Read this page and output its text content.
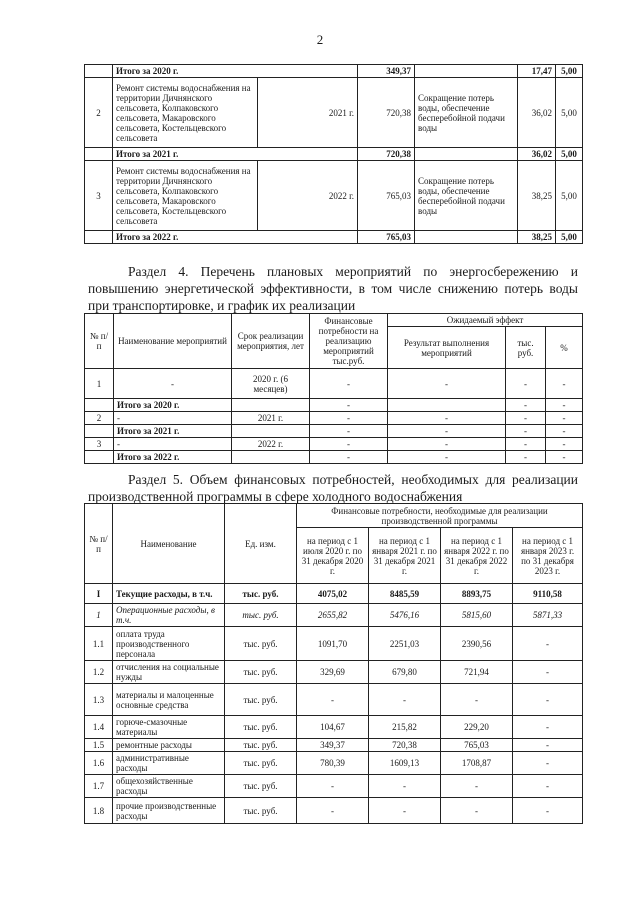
2
	Итого за 2020 г.		349,37		17,47	5,00
2	Ремонт системы водоснабжения на территории Дичнянского сельсовета, Колпаковского сельсовета, Макаровского сельсовета, Костельцевского сельсовета	2021 г.	720,38	Сокращение потерь воды, обеспечение бесперебойной подачи воды	36,02	5,00
	Итого за 2021 г.		720,38		36,02	5,00
3	Ремонт системы водоснабжения на территории Дичнянского сельсовета, Колпаковского сельсовета, Макаровского сельсовета, Костельцевского сельсовета	2022 г.	765,03	Сокращение потерь воды, обеспечение бесперебойной подачи воды	38,25	5,00
	Итого за 2022 г.		765,03		38,25	5,00
Раздел 4. Перечень плановых мероприятий по энергосбережению и повышению энергетической эффективности, в том числе снижению потерь воды при транспортировке, и график их реализации
№ п/п	Наименование мероприятий	Срок реализации мероприятия, лет	Финансовые потребности на реализацию мероприятий тыс.руб.	Ожидаемый эффект		
				Результат выполнения мероприятий	тыс. руб.	%
1	-	2020 г. (6 месяцев)	-	-	-	-
	Итого за 2020 г.		-		-	-
2	-	2021 г.	-	-	-	-
	Итого за 2021 г.		-	-	-	-
3	-	2022 г.	-	-	-	-
	Итого за 2022 г.		-	-	-	-
Раздел 5. Объем финансовых потребностей, необходимых для реализации производственной программы в сфере холодного водоснабжения
№ п/п	Наименование	Ед. изм.	Финансовые потребности, необходимые для реализации производственной программы			
			на период с 1 июля 2020 г. по 31 декабря 2020 г.	на период с 1 января 2021 г. по 31 декабря 2021 г.	на период с 1 января 2022 г. по 31 декабря 2022 г.	на период с 1 января 2023 г. по 31 декабря 2023 г.
I	Текущие расходы, в т.ч.	тыс. руб.	4075,02	8485,59	8893,75	9110,58
1	Операционные расходы, в т.ч.	тыс. руб.	2655,82	5476,16	5815,60	5871,33
1.1	оплата труда производственного персонала	тыс. руб.	1091,70	2251,03	2390,56	-
1.2	отчисления на социальные нужды	тыс. руб.	329,69	679,80	721,94	-
1.3	материалы и малоценные основные средства	тыс. руб.	-	-	-	-
1.4	горюче-смазочные материалы	тыс. руб.	104,67	215,82	229,20	-
1.5	ремонтные расходы	тыс. руб.	349,37	720,38	765,03	-
1.6	административные расходы	тыс. руб.	780,39	1609,13	1708,87	-
1.7	общехозяйственные расходы	тыс. руб.	-	-	-	-
1.8	прочие производственные расходы	тыс. руб.	-	-	-	-
